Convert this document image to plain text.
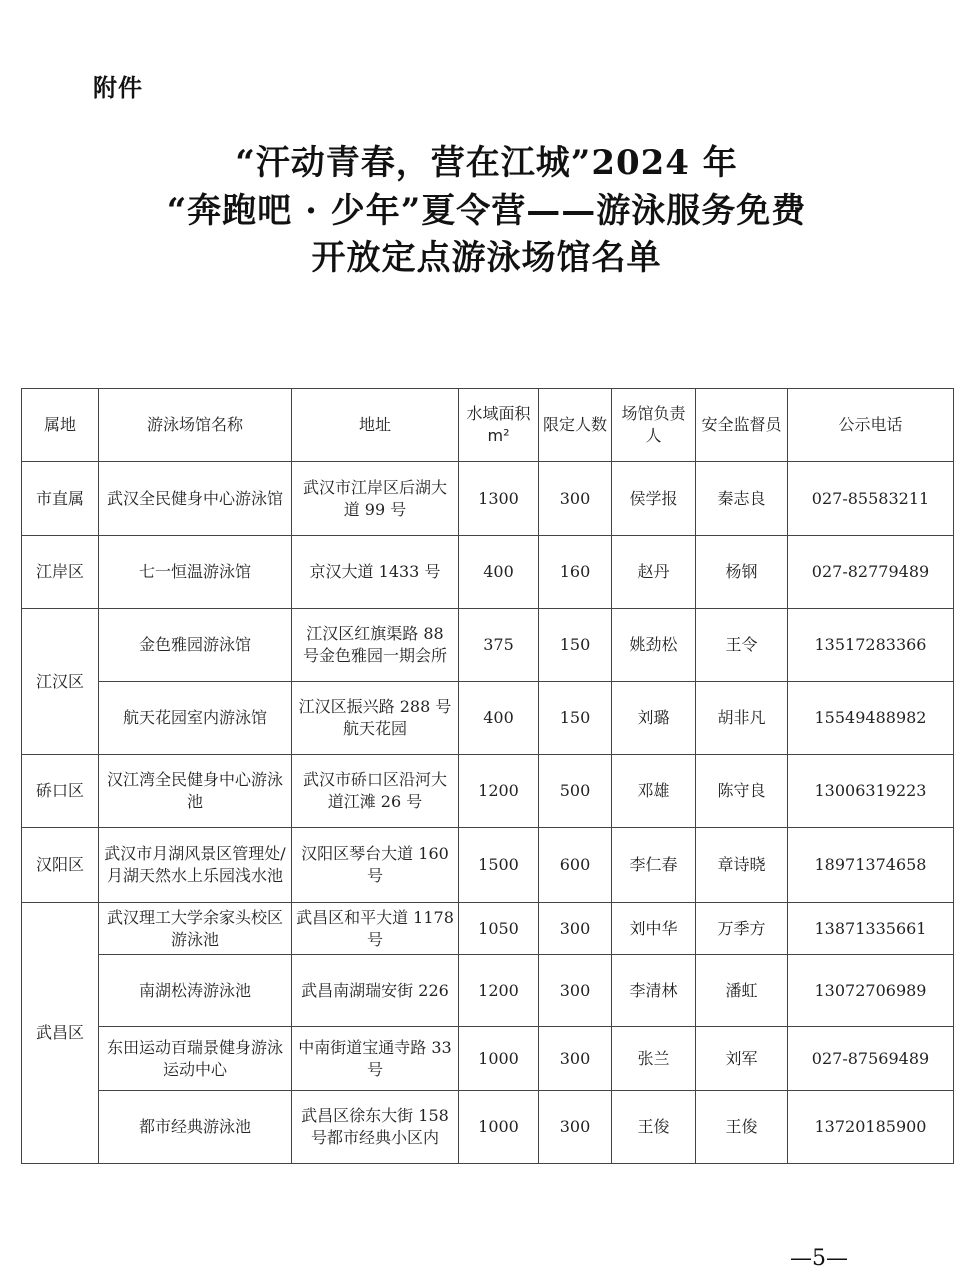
附件
“汗动青春，营在江城”2024 年
“奔跑吧 · 少年”夏令营——游泳服务免费
开放定点游泳场馆名单
属地	游泳场馆名称	地址	水域面积m²	限定人数	场馆负责人	安全监督员	公示电话
市直属	武汉全民健身中心游泳馆	武汉市江岸区后湖大道 99 号	1300	300	侯学报	秦志良	027-85583211
江岸区	七一恒温游泳馆	京汉大道 1433 号	400	160	赵丹	杨钢	027-82779489
江汉区	金色雅园游泳馆	江汉区红旗渠路 88 号金色雅园一期会所	375	150	姚劲松	王令	13517283366
	航天花园室内游泳馆	江汉区振兴路 288 号航天花园	400	150	刘璐	胡非凡	15549488982
硚口区	汉江湾全民健身中心游泳池	武汉市硚口区沿河大道江滩 26 号	1200	500	邓雄	陈守良	13006319223
汉阳区	武汉市月湖风景区管理处/月湖天然水上乐园浅水池	汉阳区琴台大道 160 号	1500	600	李仁春	章诗晓	18971374658
武昌区	武汉理工大学余家头校区游泳池	武昌区和平大道 1178 号	1050	300	刘中华	万季方	13871335661
	南湖松涛游泳池	武昌南湖瑞安街 226	1200	300	李清林	潘虹	13072706989
	东田运动百瑞景健身游泳运动中心	中南街道宝通寺路 33 号	1000	300	张兰	刘军	027-87569489
	都市经典游泳池	武昌区徐东大街 158 号都市经典小区内	1000	300	王俊	王俊	13720185900
—5—
